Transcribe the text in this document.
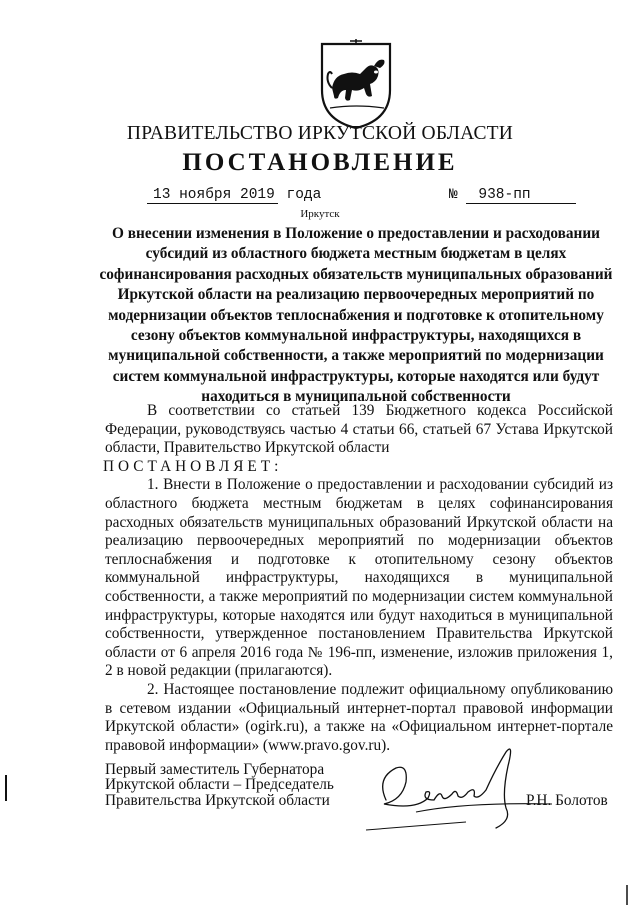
ПРАВИТЕЛЬСТВО ИРКУТСКОЙ ОБЛАСТИ
ПОСТАНОВЛЕНИЕ
13 ноября 2019 года	№ 938-пп
Иркутск
О внесении изменения в Положение о предоставлении и расходовании субсидий из областного бюджета местным бюджетам в целях софинансирования расходных обязательств муниципальных образований Иркутской области на реализацию первоочередных мероприятий по модернизации объектов теплоснабжения и подготовке к отопительному сезону объектов коммунальной инфраструктуры, находящихся в муниципальной собственности, а также мероприятий по модернизации систем коммунальной инфраструктуры, которые находятся или будут находиться в муниципальной собственности

В соответствии со статьей 139 Бюджетного кодекса Российской Федерации, руководствуясь частью 4 статьи 66, статьей 67 Устава Иркутской области, Правительство Иркутской области

ПОСТАНОВЛЯЕТ:

1. Внести в Положение о предоставлении и расходовании субсидий из областного бюджета местным бюджетам в целях софинансирования расходных обязательств муниципальных образований Иркутской области на реализацию первоочередных мероприятий по модернизации объектов теплоснабжения и подготовке к отопительному сезону объектов коммунальной инфраструктуры, находящихся в муниципальной собственности, а также мероприятий по модернизации систем коммунальной инфраструктуры, которые находятся или будут находиться в муниципальной собственности, утвержденное постановлением Правительства Иркутской области от 6 апреля 2016 года № 196-пп, изменение, изложив приложения 1, 2 в новой редакции (прилагаются).

2. Настоящее постановление подлежит официальному опубликованию в сетевом издании «Официальный интернет-портал правовой информации Иркутской области» (ogirk.ru), а также на «Официальном интернет-портале правовой информации» (www.pravo.gov.ru).

Первый заместитель Губернатора
Иркутской области – Председатель
Правительства Иркутской области	Р.Н. Болотов
